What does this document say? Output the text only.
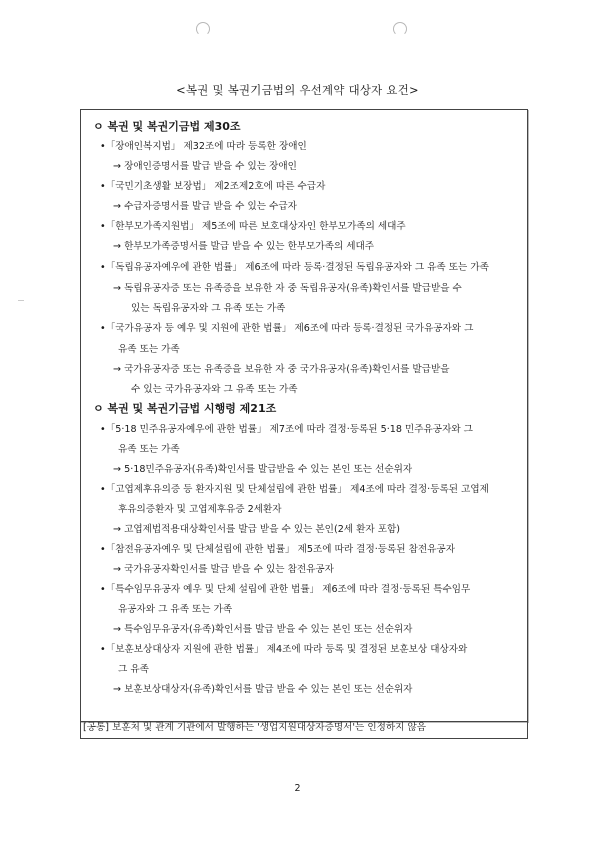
<복권 및 복권기금법의 우선계약 대상자 요건>
ㅇ 복권 및 복권기금법 제30조
•「장애인복지법」 제32조에 따라 등록한 장애인
→ 장애인증명서를 발급 받을 수 있는 장애인
•「국민기초생활 보장법」 제2조제2호에 따른 수급자
→ 수급자증명서를 발급 받을 수 있는 수급자
•「한부모가족지원법」 제5조에 따른 보호대상자인 한부모가족의 세대주
→ 한부모가족증명서를 발급 받을 수 있는 한부모가족의 세대주
•「독립유공자예우에 관한 법률」 제6조에 따라 등록·결정된 독립유공자와 그 유족 또는 가족
→ 독립유공자증 또는 유족증을 보유한 자 중 독립유공자(유족)확인서를 발급받을 수
있는 독립유공자와 그 유족 또는 가족
•「국가유공자 등 예우 및 지원에 관한 법률」 제6조에 따라 등록·결정된 국가유공자와 그
유족 또는 가족
→ 국가유공자증 또는 유족증을 보유한 자 중 국가유공자(유족)확인서를 발급받을
수 있는 국가유공자와 그 유족 또는 가족
ㅇ 복권 및 복권기금법 시행령 제21조
•「5·18 민주유공자예우에 관한 법률」 제7조에 따라 결정·등록된 5·18 민주유공자와 그
유족 또는 가족
→ 5·18민주유공자(유족)확인서를 발급받을 수 있는 본인 또는 선순위자
•「고엽제후유의증 등 환자지원 및 단체설립에 관한 법률」 제4조에 따라 결정·등록된 고엽제
후유의증환자 및 고엽제후유증 2세환자
→ 고엽제법적용대상확인서를 발급 받을 수 있는 본인(2세 환자 포함)
•「참전유공자예우 및 단체설립에 관한 법률」 제5조에 따라 결정·등록된 참전유공자
→ 국가유공자확인서를 발급 받을 수 있는 참전유공자
•「특수임무유공자 예우 및 단체 설립에 관한 법률」 제6조에 따라 결정·등록된 특수임무
유공자와 그 유족 또는 가족
→ 특수임무유공자(유족)확인서를 발급 받을 수 있는 본인 또는 선순위자
•「보훈보상대상자 지원에 관한 법률」 제4조에 따라 등록 및 결정된 보훈보상 대상자와
그 유족
→ 보훈보상대상자(유족)확인서를 발급 받을 수 있는 본인 또는 선순위자
[공통] 보훈처 및 관계 기관에서 발행하는 '생업지원대상자증명서'는 인정하지 않음
2
